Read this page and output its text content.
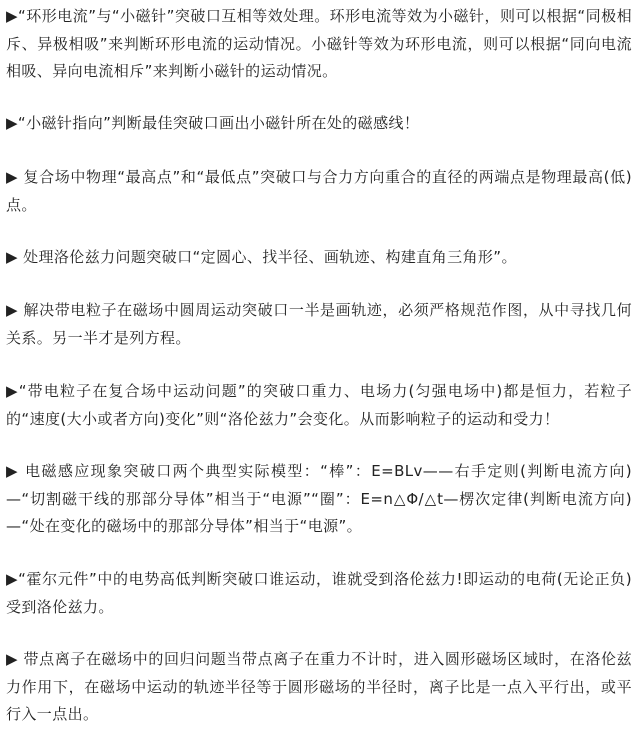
▶“环形电流”与“小磁针”突破口互相等效处理。环形电流等效为小磁针，则可以根据“同极相斥、异极相吸”来判断环形电流的运动情况。小磁针等效为环形电流，则可以根据“同向电流相吸、异向电流相斥”来判断小磁针的运动情况。

▶“小磁针指向”判断最佳突破口画出小磁针所在处的磁感线！

▶ 复合场中物理“最高点”和“最低点”突破口与合力方向重合的直径的两端点是物理最高(低)点。

▶ 处理洛伦兹力问题突破口“定圆心、找半径、画轨迹、构建直角三角形”。

▶ 解决带电粒子在磁场中圆周运动突破口一半是画轨迹，必须严格规范作图，从中寻找几何关系。另一半才是列方程。

▶“带电粒子在复合场中运动问题”的突破口重力、电场力(匀强电场中)都是恒力，若粒子的“速度(大小或者方向)变化”则“洛伦兹力”会变化。从而影响粒子的运动和受力！

▶ 电磁感应现象突破口两个典型实际模型：“棒”：E=BLv——右手定则(判断电流方向)—“切割磁干线的那部分导体”相当于“电源”“圈”：E=n△Φ/△t—楞次定律(判断电流方向)—“处在变化的磁场中的那部分导体”相当于“电源”。

▶“霍尔元件”中的电势高低判断突破口谁运动，谁就受到洛伦兹力!即运动的电荷(无论正负)受到洛伦兹力。

▶ 带点离子在磁场中的回归问题当带点离子在重力不计时，进入圆形磁场区域时，在洛伦兹力作用下，在磁场中运动的轨迹半径等于圆形磁场的半径时，离子比是一点入平行出，或平行入一点出。
